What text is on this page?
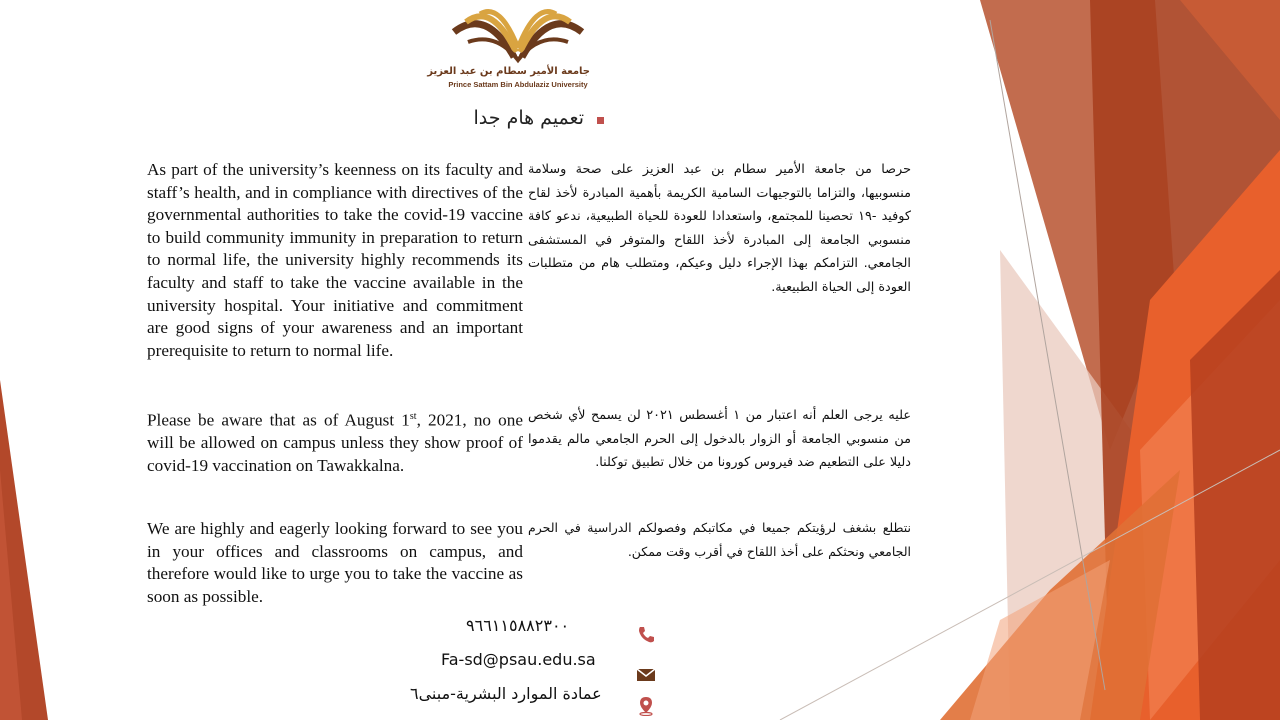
جامعة الأمير سطام بن عبد العزيز
Prince Sattam Bin Abdulaziz University
تعميم هام جدا
As part of the university’s keenness on its faculty and staff’s health, and in compliance with directives of the governmental authorities to take the covid-19 vaccine to build community immunity in preparation to return to normal life, the university highly recommends its faculty and staff to take the vaccine available in the university hospital. Your initiative and commitment are good signs of your awareness and an important prerequisite to return to normal life.
Please be aware that as of August 1st, 2021, no one will be allowed on campus unless they show proof of covid-19 vaccination on Tawakkalna.
We are highly and eagerly looking forward to see you in your offices and classrooms on campus, and therefore would like to urge you to take the vaccine as soon as possible.
حرصا من جامعة الأمير سطام بن عبد العزيز على صحة وسلامة منسوبيها، والتزاما بالتوجيهات السامية الكريمة بأهمية المبادرة لأخذ لقاح كوفيد -١٩ تحصينا للمجتمع، واستعدادا للعودة للحياة الطبيعية، ندعو كافة منسوبي الجامعة إلى المبادرة لأخذ اللقاح والمتوفر في المستشفى الجامعي. التزامكم بهذا الإجراء دليل وعيكم، ومتطلب هام من متطلبات العودة إلى الحياة الطبيعية.
عليه يرجى العلم أنه اعتبار من ١ أغسطس ٢٠٢١ لن يسمح لأي شخص من منسوبي الجامعة أو الزوار بالدخول إلى الحرم الجامعي مالم يقدموا دليلا على التطعيم ضد فيروس كورونا من خلال تطبيق توكلنا.
نتطلع بشغف لرؤيتكم جميعا في مكاتبكم وفصولكم الدراسية في الحرم الجامعي ونحثكم على أخذ اللقاح في أقرب وقت ممكن.
٩٦٦١١٥٨٨٢٣٠٠
Fa-sd@psau.edu.sa
عمادة الموارد البشرية-مبنى٦
